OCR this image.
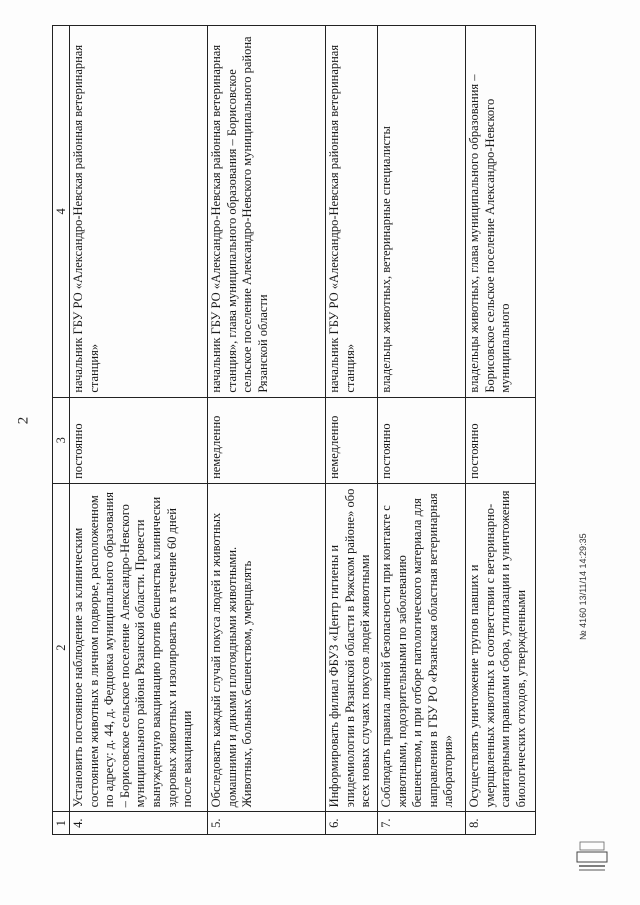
2
1	2	3	4
4.	Установить постоянное наблюдение за клиническим состоянием животных в личном подворье, расположенном по адресу: д. 44, д. Федцовка муниципального образования – Борисовское сельское поселение Александро-Невского муниципального района Рязанской области. Провести вынужденную вакцинацию против бешенства клинически здоровых животных и изолировать их в течение 60 дней после вакцинации	постоянно	начальник ГБУ РО «Александро-Невская районная ветеринарная станция»
5.	Обследовать каждый случай покуса людей и животных домашними и дикими плотоядными животными. Животных, больных бешенством, умерщвлять	немедленно	начальник ГБУ РО «Александро-Невская районная ветеринарная станция», глава муниципального образования – Борисовское сельское поселение Александро-Невского муниципального района Рязанской области
6.	Информировать филиал ФБУЗ «Центр гигиены и эпидемиологии в Рязанской области в Ряжском районе» обо всех новых случаях покусов людей животными	немедленно	начальник ГБУ РО «Александро-Невская районная ветеринарная станция»
7.	Соблюдать правила личной безопасности при контакте с животными, подозрительными по заболеванию бешенством, и при отборе патологического материала для направления в ГБУ РО «Рязанская областная ветеринарная лаборатория»	постоянно	владельцы животных, ветеринарные специалисты
8.	Осуществлять уничтожение трупов павших и умерщвленных животных в соответствии с ветеринарно-санитарными правилами сбора, утилизации и уничтожения биологических отходов, утвержденными	постоянно	владельцы животных, глава муниципального образования – Борисовское сельское поселение Александро-Невского муниципального
№ 4160 13/11/14 14:29:35
